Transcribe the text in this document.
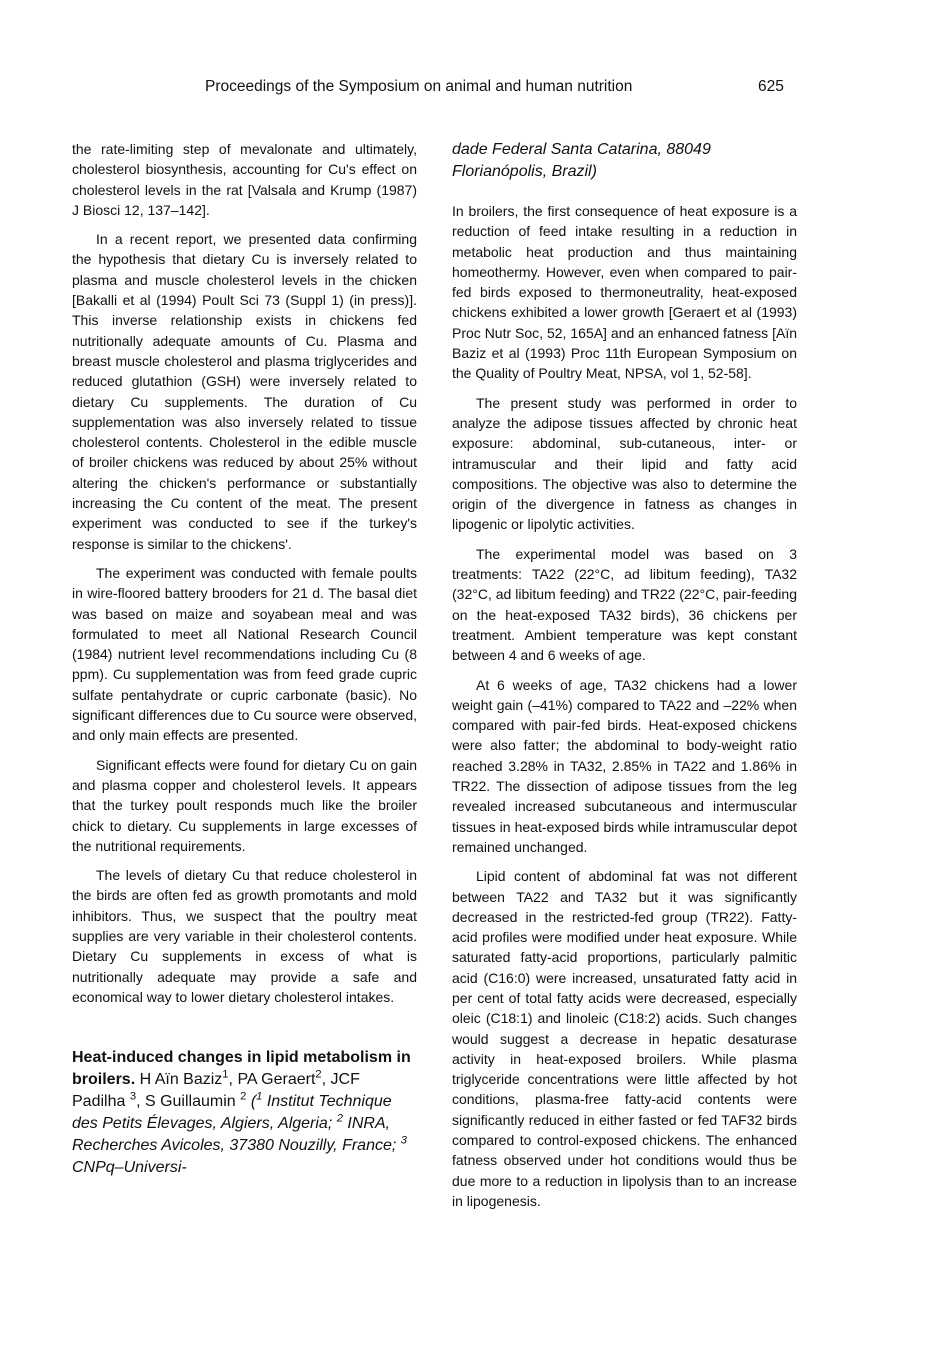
Proceedings of the Symposium on animal and human nutrition	625

the rate-limiting step of mevalonate and ultimately, cholesterol biosynthesis, accounting for Cu's effect on cholesterol levels in the rat [Valsala and Krump (1987) J Biosci 12, 137–142].

In a recent report, we presented data confirming the hypothesis that dietary Cu is inversely related to plasma and muscle cholesterol levels in the chicken [Bakalli et al (1994) Poult Sci 73 (Suppl 1) (in press)]. This inverse relationship exists in chickens fed nutritionally adequate amounts of Cu. Plasma and breast muscle cholesterol and plasma triglycerides and reduced glutathion (GSH) were inversely related to dietary Cu supplements. The duration of Cu supplementation was also inversely related to tissue cholesterol contents. Cholesterol in the edible muscle of broiler chickens was reduced by about 25% without altering the chicken's performance or substantially increasing the Cu content of the meat. The present experiment was conducted to see if the turkey's response is similar to the chickens'.

The experiment was conducted with female poults in wire-floored battery brooders for 21 d. The basal diet was based on maize and soyabean meal and was formulated to meet all National Research Council (1984) nutrient level recommendations including Cu (8 ppm). Cu supplementation was from feed grade cupric sulfate pentahydrate or cupric carbonate (basic). No significant differences due to Cu source were observed, and only main effects are presented.

Significant effects were found for dietary Cu on gain and plasma copper and cholesterol levels. It appears that the turkey poult responds much like the broiler chick to dietary. Cu supplements in large excesses of the nutritional requirements.

The levels of dietary Cu that reduce cholesterol in the birds are often fed as growth promotants and mold inhibitors. Thus, we suspect that the poultry meat supplies are very variable in their cholesterol contents. Dietary Cu supplements in excess of what is nutritionally adequate may provide a safe and economical way to lower dietary cholesterol intakes.

Heat-induced changes in lipid metabolism in broilers. H Aïn Baziz$^1$, PA Geraert$^2$, JCF Padilha $^3$, S Guillaumin $^2$ ($^1$ Institut Technique des Petits Élevages, Algiers, Algeria; $^2$ INRA, Recherches Avicoles, 37380 Nouzilly, France; $^3$ CNPq–Universi-

dade Federal Santa Catarina, 88049 Florianópolis, Brazil)

In broilers, the first consequence of heat exposure is a reduction of feed intake resulting in a reduction in metabolic heat production and thus maintaining homeothermy. However, even when compared to pair-fed birds exposed to thermoneutrality, heat-exposed chickens exhibited a lower growth [Geraert et al (1993) Proc Nutr Soc, 52, 165A] and an enhanced fatness [Aïn Baziz et al (1993) Proc 11th European Symposium on the Quality of Poultry Meat, NPSA, vol 1, 52-58].

The present study was performed in order to analyze the adipose tissues affected by chronic heat exposure: abdominal, sub-cutaneous, inter- or intramuscular and their lipid and fatty acid compositions. The objective was also to determine the origin of the divergence in fatness as changes in lipogenic or lipolytic activities.

The experimental model was based on 3 treatments: TA22 (22°C, ad libitum feeding), TA32 (32°C, ad libitum feeding) and TR22 (22°C, pair-feeding on the heat-exposed TA32 birds), 36 chickens per treatment. Ambient temperature was kept constant between 4 and 6 weeks of age.

At 6 weeks of age, TA32 chickens had a lower weight gain (–41%) compared to TA22 and –22% when compared with pair-fed birds. Heat-exposed chickens were also fatter; the abdominal to body-weight ratio reached 3.28% in TA32, 2.85% in TA22 and 1.86% in TR22. The dissection of adipose tissues from the leg revealed increased subcutaneous and intermuscular tissues in heat-exposed birds while intramuscular depot remained unchanged.

Lipid content of abdominal fat was not different between TA22 and TA32 but it was significantly decreased in the restricted-fed group (TR22). Fatty-acid profiles were modified under heat exposure. While saturated fatty-acid proportions, particularly palmitic acid (C16:0) were increased, unsaturated fatty acid in per cent of total fatty acids were decreased, especially oleic (C18:1) and linoleic (C18:2) acids. Such changes would suggest a decrease in hepatic desaturase activity in heat-exposed broilers. While plasma triglyceride concentrations were little affected by hot conditions, plasma-free fatty-acid contents were significantly reduced in either fasted or fed TAF32 birds compared to control-exposed chickens. The enhanced fatness observed under hot conditions would thus be due more to a reduction in lipolysis than to an increase in lipogenesis.
